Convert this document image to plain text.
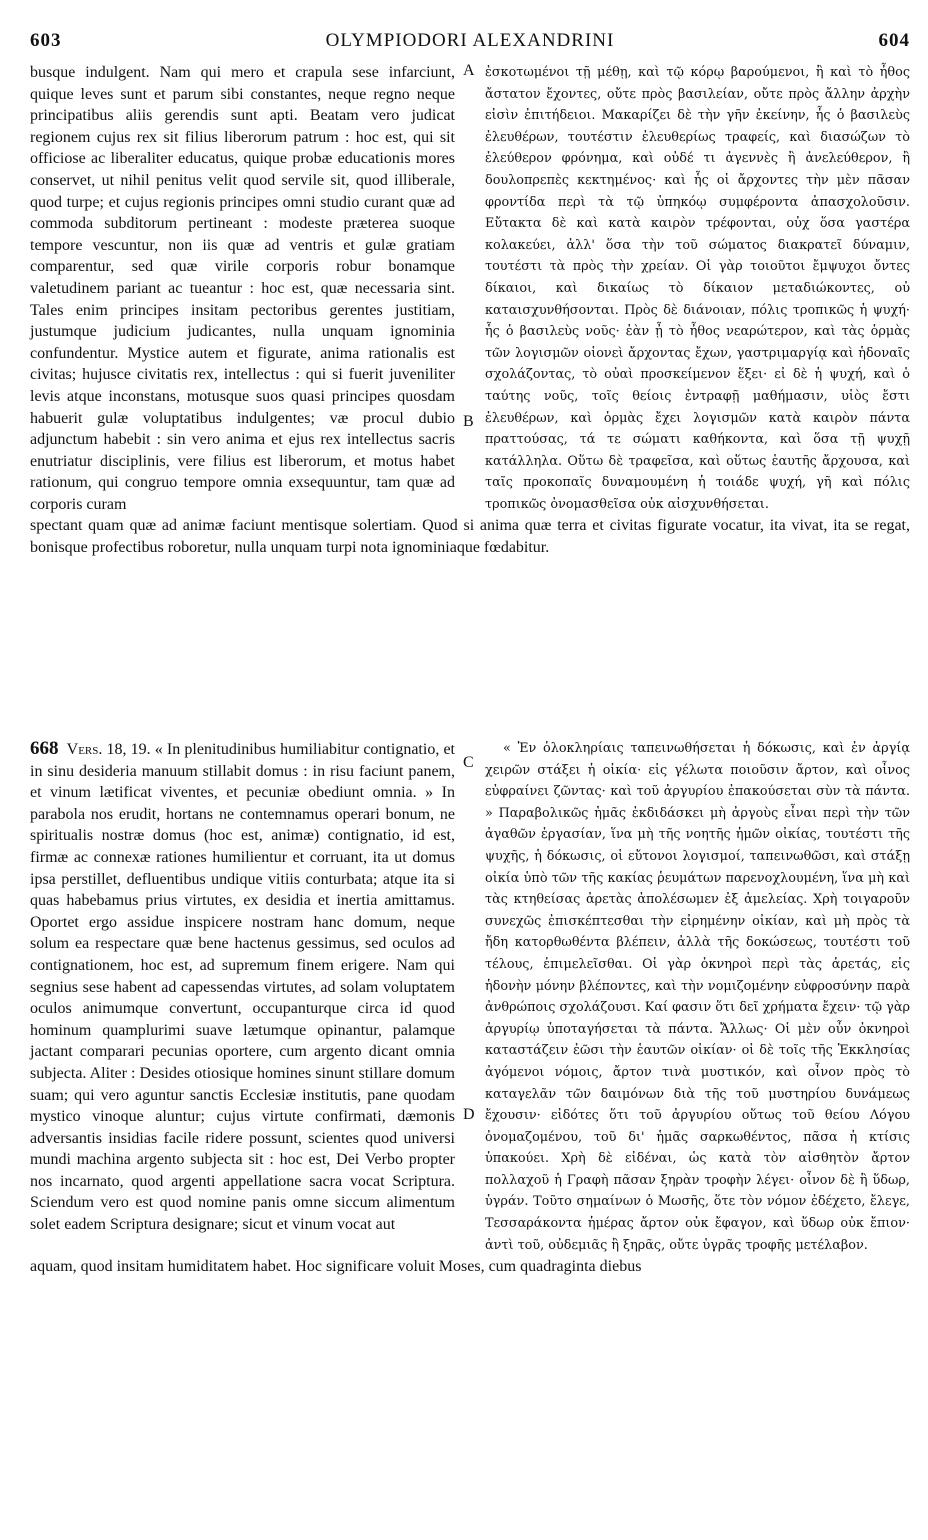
603	OLYMPIODORI ALEXANDRINI	604
A
B
C
D

busque indulgent. Nam qui mero et crapula sese infarciunt, quique leves sunt et parum sibi constantes, neque regno neque principatibus aliis gerendis sunt apti. Beatam vero judicat regionem cujus rex sit filius liberorum patrum : hoc est, qui sit officiose ac liberaliter educatus, quique probæ educationis mores conservet, ut nihil penitus velit quod servile sit, quod illiberale, quod turpe; et cujus regionis principes omni studio curant quæ ad commoda subditorum pertineant : modeste præterea suoque tempore vescuntur, non iis quæ ad ventris et gulæ gratiam comparentur, sed quæ virile corporis robur bonamque valetudinem pariant ac tueantur : hoc est, quæ necessaria sint. Tales enim principes insitam pectoribus gerentes justitiam, justumque judicium judicantes, nulla unquam ignominia confundentur. Mystice autem et figurate, anima rationalis est civitas; hujusce civitatis rex, intellectus : qui si fuerit juveniliter levis atque inconstans, motusque suos quasi principes quosdam habuerit gulæ voluptatibus indulgentes; væ procul dubio adjunctum habebit : sin vero anima et ejus rex intellectus sacris enutriatur disciplinis, vere filius est liberorum, et motus habet rationum, qui congruo tempore omnia exsequuntur, tam quæ ad corporis curam

ἐσκοτωμένοι τῇ μέθῃ, καὶ τῷ κόρῳ βαρούμενοι, ἢ καὶ τὸ ἦθος ἄστατον ἔχοντες, οὔτε πρὸς βασιλείαν, οὔτε πρὸς ἄλλην ἀρχὴν εἰσὶν ἐπιτήδειοι. Μακαρίζει δὲ τὴν γῆν ἐκείνην, ἧς ὁ βασιλεὺς ἐλευθέρων, τουτέστιν ἐλευθερίως τραφείς, καὶ διασώζων τὸ ἐλεύθερον φρόνημα, καὶ οὐδέ τι ἀγεννὲς ἢ ἀνελεύθερον, ἢ δουλοπρεπὲς κεκτημένος· καὶ ἧς οἱ ἄρχοντες τὴν μὲν πᾶσαν φροντίδα περὶ τὰ τῷ ὑπηκόῳ συμφέροντα ἀπασχολοῦσιν. Εὔτακτα δὲ καὶ κατὰ καιρὸν τρέφονται, οὐχ ὅσα γαστέρα κολακεύει, ἀλλ' ὅσα τὴν τοῦ σώματος διακρατεῖ δύναμιν, τουτέστι τὰ πρὸς τὴν χρείαν. Οἱ γὰρ τοιοῦτοι ἔμψυχοι ὄντες δίκαιοι, καὶ δικαίως τὸ δίκαιον μεταδιώκοντες, οὐ καταισχυνθήσονται. Πρὸς δὲ διάνοιαν, πόλις τροπικῶς ἡ ψυχή· ἧς ὁ βασιλεὺς νοῦς· ἐὰν ᾖ τὸ ἦθος νεαρώτερον, καὶ τὰς ὁρμὰς τῶν λογισμῶν οἱονεὶ ἄρχοντας ἔχων, γαστριμαργίᾳ καὶ ἡδοναῖς σχολάζοντας, τὸ οὐαὶ προσκείμενον ἕξει· εἰ δὲ ἡ ψυχή, καὶ ὁ ταύτης νοῦς, τοῖς θείοις ἐντραφῇ μαθήμασιν, υἱὸς ἔστι ἐλευθέρων, καὶ ὁρμὰς ἔχει λογισμῶν κατὰ καιρὸν πάντα πραττούσας, τά τε σώματι καθήκοντα, καὶ ὅσα τῇ ψυχῇ κατάλληλα. Οὕτω δὲ τραφεῖσα, καὶ οὕτως ἑαυτῆς ἄρχουσα, καὶ ταῖς προκοπαῖς δυναμουμένη ἡ τοιάδε ψυχή, γῆ καὶ πόλις τροπικῶς ὀνομασθεῖσα οὐκ αἰσχυνθήσεται.

spectant quam quæ ad animæ faciunt mentisque solertiam. Quod si anima quæ terra et civitas figurate vocatur, ita vivat, ita se regat, bonisque profectibus roboretur, nulla unquam turpi nota ignominiaque fœdabitur.

668 Vers. 18, 19. « In plenitudinibus humiliabitur contignatio, et in sinu desideria manuum stillabit domus : in risu faciunt panem, et vinum lætificat viventes, et pecuniæ obediunt omnia. » In parabola nos erudit, hortans ne contemnamus operari bonum, ne spiritualis nostræ domus (hoc est, animæ) contignatio, id est, firmæ ac connexæ rationes humilientur et corruant, ita ut domus ipsa perstillet, defluentibus undique vitiis conturbata; atque ita si quas habebamus prius virtutes, ex desidia et inertia amittamus. Oportet ergo assidue inspicere nostram hanc domum, neque solum ea respectare quæ bene hactenus gessimus, sed oculos ad contignationem, hoc est, ad supremum finem erigere. Nam qui segnius sese habent ad capessendas virtutes, ad solam voluptatem oculos animumque convertunt, occupanturque circa id quod hominum quamplurimi suave lætumque opinantur, palamque jactant comparari pecunias oportere, cum argento dicant omnia subjecta. Aliter : Desides otiosique homines sinunt stillare domum suam; qui vero aguntur sanctis Ecclesiæ institutis, pane quodam mystico vinoque aluntur; cujus virtute confirmati, dæmonis adversantis insidias facile ridere possunt, scientes quod universi mundi machina argento subjecta sit : hoc est, Dei Verbo propter nos incarnato, quod argenti appellatione sacra vocat Scriptura. Sciendum vero est quod nomine panis omne siccum alimentum solet eadem Scriptura designare; sicut et vinum vocat aut

« Ἐν ὁλοκληρίαις ταπεινωθήσεται ἡ δόκωσις, καὶ ἐν ἀργίᾳ χειρῶν στάξει ἡ οἰκία· εἰς γέλωτα ποιοῦσιν ἄρτον, καὶ οἶνος εὐφραίνει ζῶντας· καὶ τοῦ ἀργυρίου ἐπακούσεται σὺν τὰ πάντα. » Παραβολικῶς ἡμᾶς ἐκδιδάσκει μὴ ἀργοὺς εἶναι περὶ τὴν τῶν ἀγαθῶν ἐργασίαν, ἵνα μὴ τῆς νοητῆς ἡμῶν οἰκίας, τουτέστι τῆς ψυχῆς, ἡ δόκωσις, οἱ εὔτονοι λογισμοί, ταπεινωθῶσι, καὶ στάξῃ οἰκία ὑπὸ τῶν τῆς κακίας ῥευμάτων παρενοχλουμένη, ἵνα μὴ καὶ τὰς κτηθείσας ἀρετὰς ἀπολέσωμεν ἐξ ἀμελείας. Χρὴ τοιγαροῦν συνεχῶς ἐπισκέπτεσθαι τὴν εἰρημένην οἰκίαν, καὶ μὴ πρὸς τὰ ἤδη κατορθωθέντα βλέπειν, ἀλλὰ τῆς δοκώσεως, τουτέστι τοῦ τέλους, ἐπιμελεῖσθαι. Οἱ γὰρ ὀκνηροὶ περὶ τὰς ἀρετάς, εἰς ἡδονὴν μόνην βλέποντες, καὶ τὴν νομιζομένην εὐφροσύνην παρὰ ἀνθρώποις σχολάζουσι. Καί φασιν ὅτι δεῖ χρήματα ἔχειν· τῷ γὰρ ἀργυρίῳ ὑποταγήσεται τὰ πάντα. Ἄλλως· Οἱ μὲν οὖν ὀκνηροὶ καταστάζειν ἐῶσι τὴν ἑαυτῶν οἰκίαν· οἱ δὲ τοῖς τῆς Ἐκκλησίας ἀγόμενοι νόμοις, ἄρτον τινὰ μυστικόν, καὶ οἶνον πρὸς τὸ καταγελᾶν τῶν δαιμόνων διὰ τῆς τοῦ μυστηρίου δυνάμεως ἔχουσιν· εἰδότες ὅτι τοῦ ἀργυρίου οὕτως τοῦ θείου Λόγου ὀνομαζομένου, τοῦ δι' ἡμᾶς σαρκωθέντος, πᾶσα ἡ κτίσις ὑπακούει. Χρὴ δὲ εἰδέναι, ὡς κατὰ τὸν αἰσθητὸν ἄρτον πολλαχοῦ ἡ Γραφὴ πᾶσαν ξηρὰν τροφὴν λέγει· οἶνον δὲ ἢ ὕδωρ, ὑγράν. Τοῦτο σημαίνων ὁ Μωσῆς, ὅτε τὸν νόμον ἐδέχετο, ἔλεγε, Τεσσαράκοντα ἡμέρας ἄρτον οὐκ ἔφαγον, καὶ ὕδωρ οὐκ ἔπιον· ἀντὶ τοῦ, οὐδεμιᾶς ἢ ξηρᾶς, οὔτε ὑγρᾶς τροφῆς μετέλαβον.

aquam, quod insitam humiditatem habet. Hoc significare voluit Moses, cum quadraginta diebus
